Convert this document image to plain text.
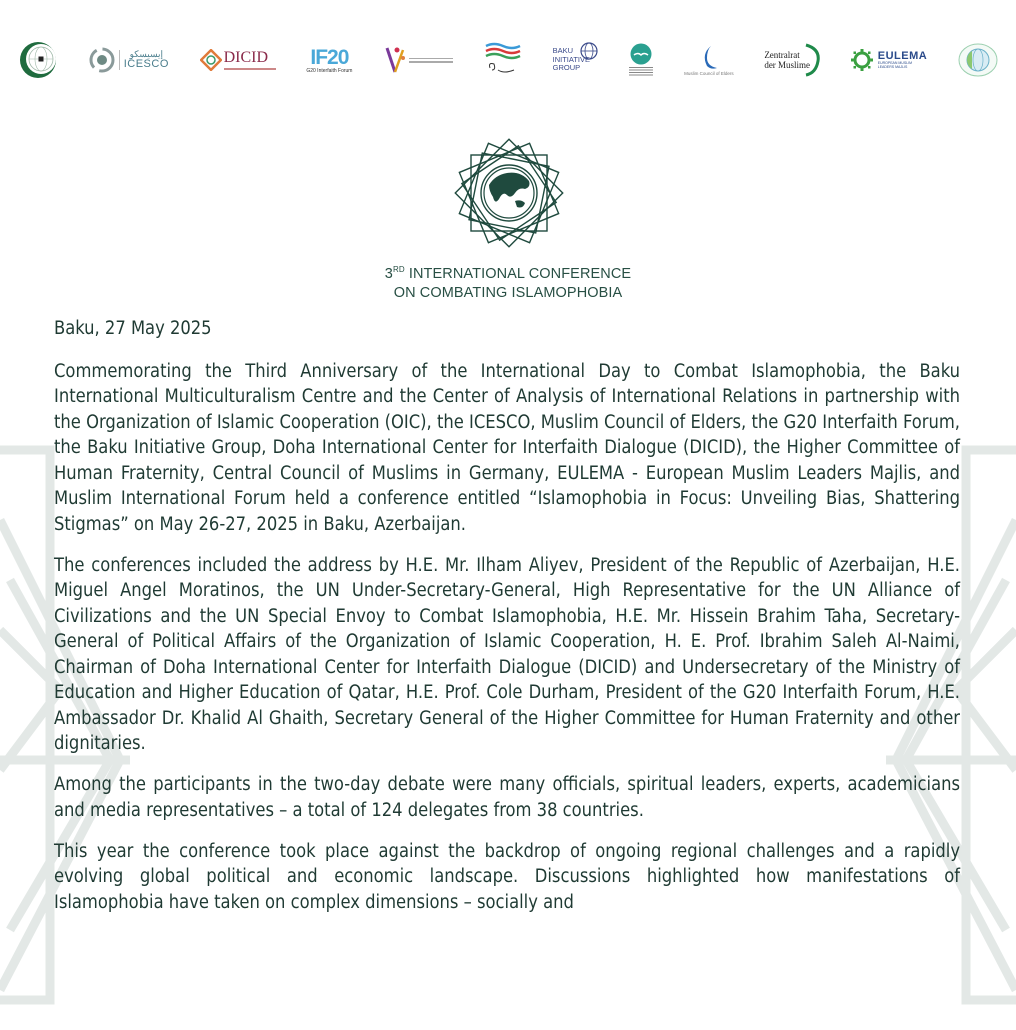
إيسيسكو
ICESCO	DICID	IF20
G20 Interfaith Forum
BAKU
INITIATIVE
GROUP
Muslim Council of Elders
Zentralrat
der Muslime
EULEMA
EUROPEAN MUSLIM LEADERS MAJLIS
3RD INTERNATIONAL CONFERENCE
ON COMBATING ISLAMOPHOBIA

Baku, 27 May 2025

Commemorating the Third Anniversary of the International Day to Combat Islamophobia, the Baku International Multiculturalism Centre and the Center of Analysis of International Relations in partnership with the Organization of Islamic Cooperation (OIC), the ICESCO, Muslim Council of Elders, the G20 Interfaith Forum, the Baku Initiative Group, Doha International Center for Interfaith Dialogue (DICID), the Higher Committee of Human Fraternity, Central Council of Muslims in Germany, EULEMA - European Muslim Leaders Majlis, and Muslim International Forum held a conference entitled “Islamophobia in Focus: Unveiling Bias, Shattering Stigmas” on May 26-27, 2025 in Baku, Azerbaijan.

The conferences included the address by H.E. Mr. Ilham Aliyev, President of the Republic of Azerbaijan, H.E. Miguel Angel Moratinos, the UN Under-Secretary-General, High Representative for the UN Alliance of Civilizations and the UN Special Envoy to Combat Islamophobia, H.E. Mr. Hissein Brahim Taha, Secretary-General of Political Affairs of the Organization of Islamic Cooperation, H. E. Prof. Ibrahim Saleh Al-Naimi, Chairman of Doha International Center for Interfaith Dialogue (DICID) and Undersecretary of the Ministry of Education and Higher Education of Qatar, H.E. Prof. Cole Durham, President of the G20 Interfaith Forum, H.E. Ambassador Dr. Khalid Al Ghaith, Secretary General of the Higher Committee for Human Fraternity and other dignitaries.

Among the participants in the two-day debate were many officials, spiritual leaders, experts, academicians and media representatives – a total of 124 delegates from 38 countries.

This year the conference took place against the backdrop of ongoing regional challenges and a rapidly evolving global political and economic landscape. Discussions highlighted how manifestations of Islamophobia have taken on complex dimensions – socially and
